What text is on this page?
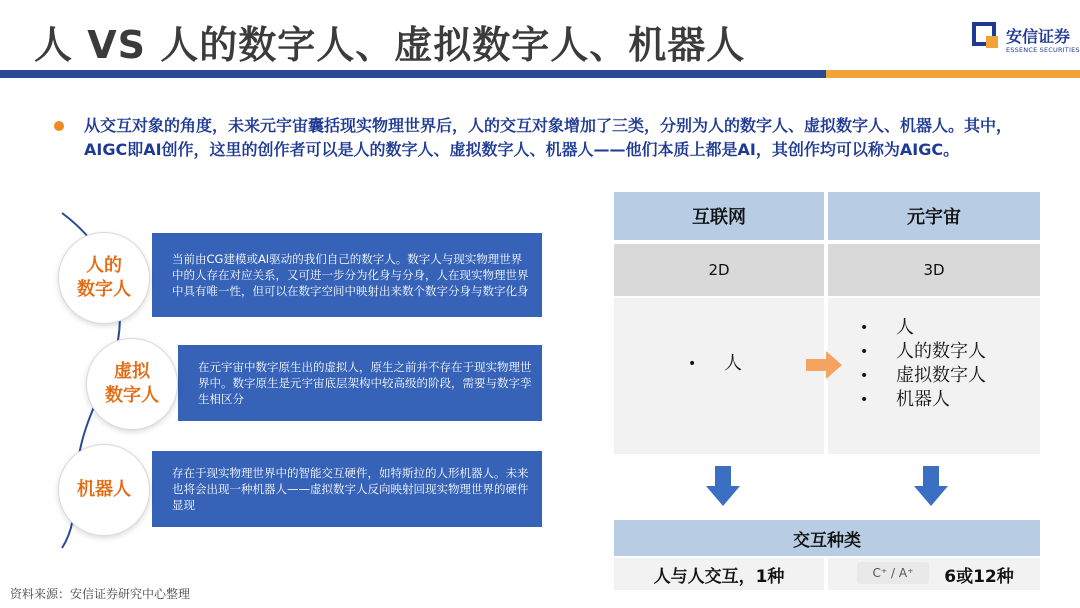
人 VS 人的数字人、虚拟数字人、机器人	安信证券
ESSENCE SECURITIES
从交互对象的角度，未来元宇宙囊括现实物理世界后，人的交互对象增加了三类，分别为人的数字人、虚拟数字人、机器人。其中，AIGC即AI创作，这里的创作者可以是人的数字人、虚拟数字人、机器人——他们本质上都是AI，其创作均可以称为AIGC。
当前由CG建模或AI驱动的我们自己的数字人。数字人与现实物理世界中的人存在对应关系，又可进一步分为化身与分身，人在现实物理世界中具有唯一性，但可以在数字空间中映射出来数个数字分身与数字化身
人的
数字人
在元宇宙中数字原生出的虚拟人，原生之前并不存在于现实物理世界中。数字原生是元宇宙底层架构中较高级的阶段，需要与数字孪生相区分
虚拟
数字人
存在于现实物理世界中的智能交互硬件，如特斯拉的人形机器人。未来也将会出现一种机器人——虚拟数字人反向映射回现实物理世界的硬件显现
机器人
互联网	元宇宙
2D	3D
•	人
•	人
•	人的数字人
•	虚拟数字人
•	机器人
交互种类
人与人交互，1种	6或12种
C⁺ / A⁺
资料来源：安信证券研究中心整理
